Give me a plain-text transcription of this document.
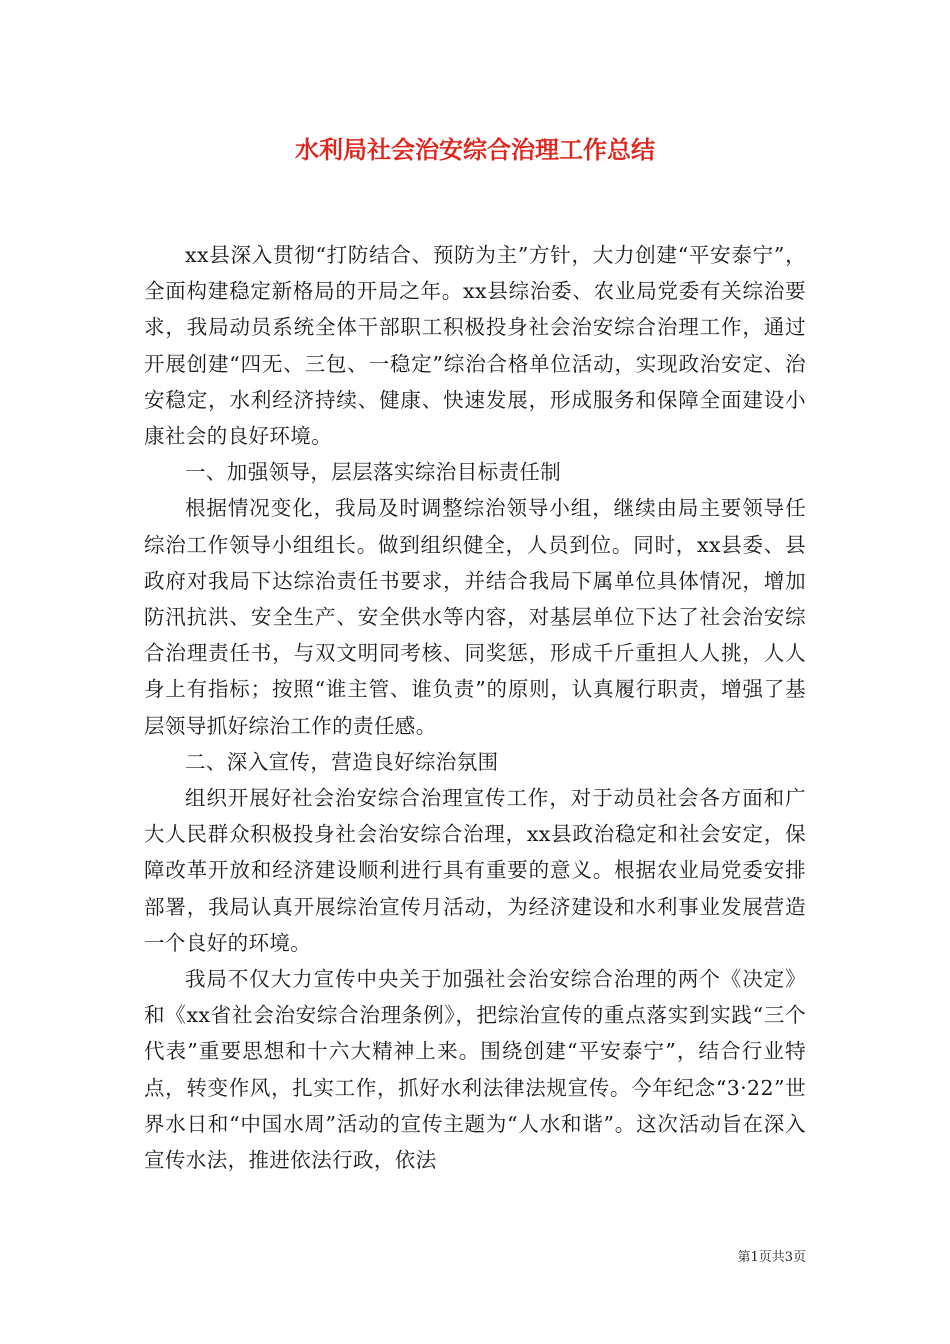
水利局社会治安综合治理工作总结

xx县深入贯彻“打防结合、预防为主”方针，大力创建“平安泰宁”，全面构建稳定新格局的开局之年。xx县综治委、农业局党委有关综治要求，我局动员系统全体干部职工积极投身社会治安综合治理工作，通过开展创建“四无、三包、一稳定”综治合格单位活动，实现政治安定、治安稳定，水利经济持续、健康、快速发展，形成服务和保障全面建设小康社会的良好环境。

一、加强领导，层层落实综治目标责任制

根据情况变化，我局及时调整综治领导小组，继续由局主要领导任综治工作领导小组组长。做到组织健全，人员到位。同时，xx县委、县政府对我局下达综治责任书要求，并结合我局下属单位具体情况，增加防汛抗洪、安全生产、安全供水等内容，对基层单位下达了社会治安综合治理责任书，与双文明同考核、同奖惩，形成千斤重担人人挑，人人身上有指标；按照“谁主管、谁负责”的原则，认真履行职责，增强了基层领导抓好综治工作的责任感。

二、深入宣传，营造良好综治氛围

组织开展好社会治安综合治理宣传工作，对于动员社会各方面和广大人民群众积极投身社会治安综合治理，xx县政治稳定和社会安定，保障改革开放和经济建设顺利进行具有重要的意义。根据农业局党委安排部署，我局认真开展综治宣传月活动，为经济建设和水利事业发展营造一个良好的环境。

我局不仅大力宣传中央关于加强社会治安综合治理的两个《决定》和《xx省社会治安综合治理条例》，把综治宣传的重点落实到实践“三个代表”重要思想和十六大精神上来。围绕创建“平安泰宁”，结合行业特点，转变作风，扎实工作，抓好水利法律法规宣传。今年纪念“3·22”世界水日和“中国水周”活动的宣传主题为“人水和谐”。这次活动旨在深入宣传水法，推进依法行政，依法

第1页共3页
